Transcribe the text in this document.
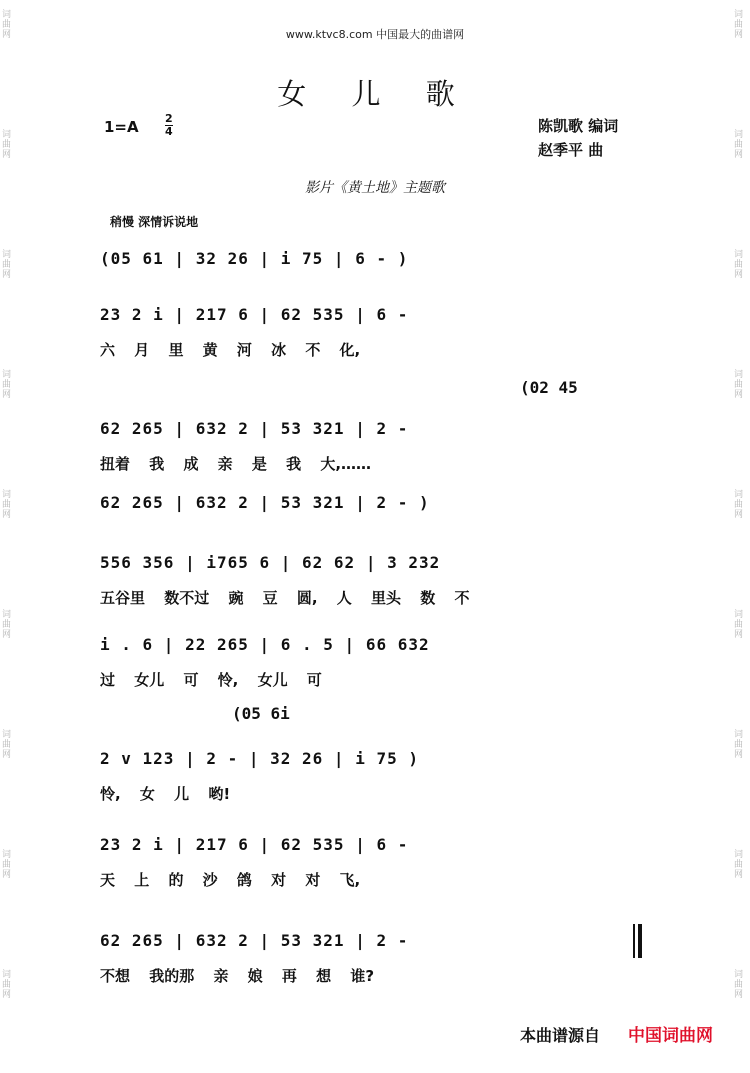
词曲网
词曲网
词曲网
词曲网
词曲网
词曲网
词曲网
词曲网
词曲网
词曲网
词曲网
词曲网
词曲网
词曲网
词曲网
词曲网
词曲网
词曲网
www.ktvc8.com 中国最大的曲谱网
女 儿 歌
1=A 2
4	陈凯歌 编词
赵季平 曲
影片《黄土地》主题歌
稍慢 深情诉说地
(05 61 | 32 26 | i 75 | 6 - )
23 2 i | 217 6 | 62 535 | 6 -
六 月 里 黄 河 冰 不 化,
(02 45
62 265 | 632 2 | 53 321 | 2 -
扭着 我 成 亲 是 我 大,……
62 265 | 632 2 | 53 321 | 2 - )
556 356 | i765 6 | 62 62 | 3 232
五谷里 数不过 豌 豆 圆, 人 里头 数 不
i . 6 | 22 265 | 6 . 5 | 66 632
过 女儿 可 怜, 女儿 可
(05 6i
2 v 123 | 2 - | 32 26 | i 75 )
怜, 女 儿 哟!
23 2 i | 217 6 | 62 535 | 6 -
天 上 的 沙 鸽 对 对 飞,
62 265 | 632 2 | 53 321 | 2 -
不想 我的那 亲 娘 再 想 谁?
本曲谱源自 中国词曲网
